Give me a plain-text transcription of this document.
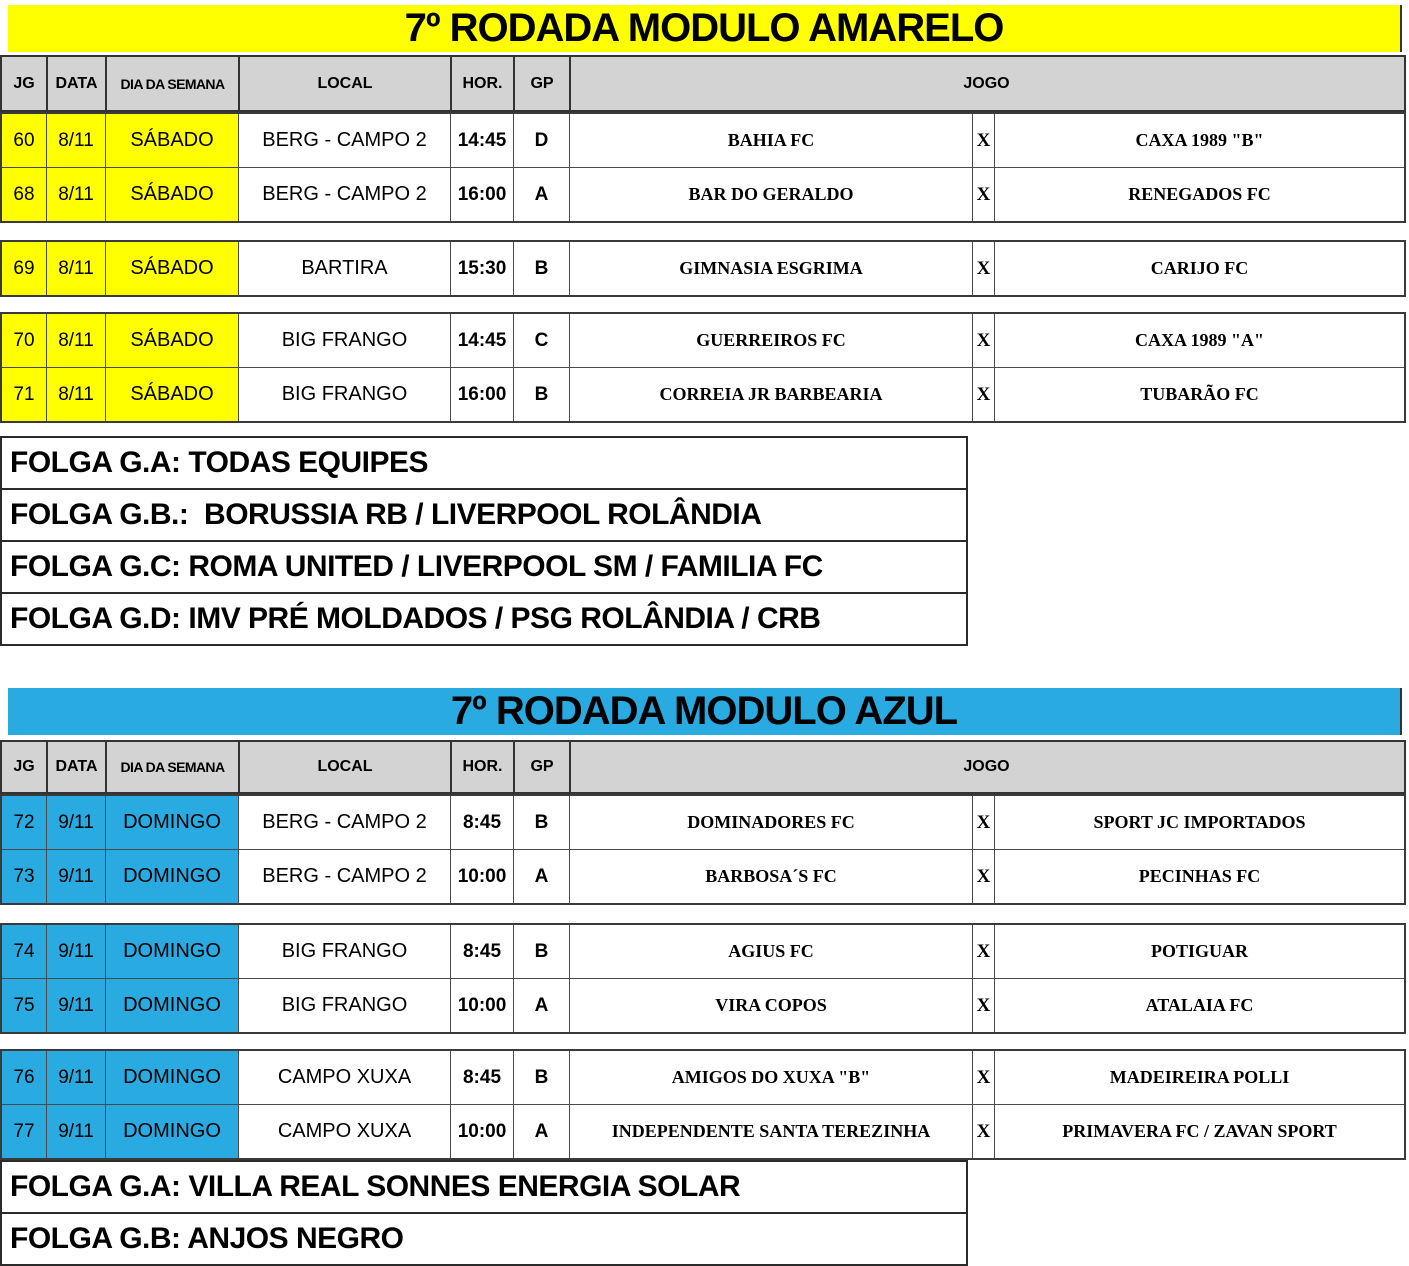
7º RODADA MODULO AMARELO
JG	DATA	DIA DA SEMANA	LOCAL	HOR.	GP	JOGO
60	8/11	SÁBADO	BERG - CAMPO 2	14:45	D	BAHIA FC	X	CAXA 1989 "B"
68	8/11	SÁBADO	BERG - CAMPO 2	16:00	A	BAR DO GERALDO	X	RENEGADOS FC
69	8/11	SÁBADO	BARTIRA	15:30	B	GIMNASIA ESGRIMA	X	CARIJO FC
70	8/11	SÁBADO	BIG FRANGO	14:45	C	GUERREIROS FC	X	CAXA 1989 "A"
71	8/11	SÁBADO	BIG FRANGO	16:00	B	CORREIA JR BARBEARIA	X	TUBARÃO FC
FOLGA G.A: TODAS EQUIPES
FOLGA G.B.:  BORUSSIA RB / LIVERPOOL ROLÂNDIA
FOLGA G.C: ROMA UNITED / LIVERPOOL SM / FAMILIA FC
FOLGA G.D: IMV PRÉ MOLDADOS / PSG ROLÂNDIA / CRB
7º RODADA MODULO AZUL
JG	DATA	DIA DA SEMANA	LOCAL	HOR.	GP	JOGO
72	9/11	DOMINGO	BERG - CAMPO 2	8:45	B	DOMINADORES FC	X	SPORT JC IMPORTADOS
73	9/11	DOMINGO	BERG - CAMPO 2	10:00	A	BARBOSA´S FC	X	PECINHAS FC
74	9/11	DOMINGO	BIG FRANGO	8:45	B	AGIUS FC	X	POTIGUAR
75	9/11	DOMINGO	BIG FRANGO	10:00	A	VIRA COPOS	X	ATALAIA FC
76	9/11	DOMINGO	CAMPO XUXA	8:45	B	AMIGOS DO XUXA "B"	X	MADEIREIRA POLLI
77	9/11	DOMINGO	CAMPO XUXA	10:00	A	INDEPENDENTE SANTA TEREZINHA	X	PRIMAVERA FC / ZAVAN SPORT
FOLGA G.A: VILLA REAL SONNES ENERGIA SOLAR
FOLGA G.B: ANJOS NEGRO
